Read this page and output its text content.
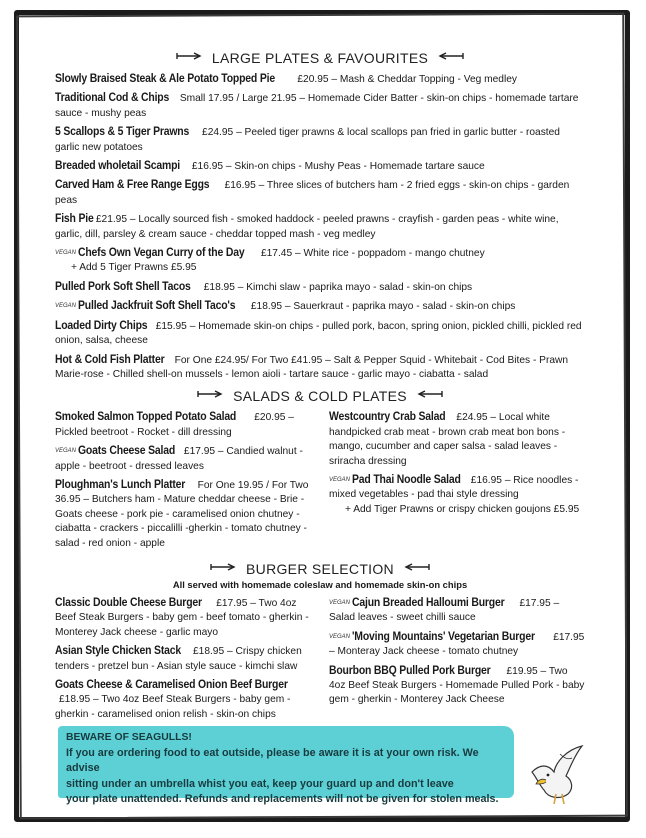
LARGE PLATES & FAVOURITES
Slowly Braised Steak & Ale Potato Topped Pie £20.95 – Mash & Cheddar Topping - Veg medley
Traditional Cod & Chips Small 17.95 / Large 21.95 – Homemade Cider Batter - skin-on chips - homemade tartare sauce - mushy peas
5 Scallops & 5 Tiger Prawns £24.95 – Peeled tiger prawns & local scallops pan fried in garlic butter - roasted garlic new potatoes
Breaded wholetail Scampi £16.95 – Skin-on chips - Mushy Peas - Homemade tartare sauce
Carved Ham & Free Range Eggs £16.95 – Three slices of butchers ham - 2 fried eggs - skin-on chips - garden peas
Fish Pie £21.95 – Locally sourced fish - smoked haddock - peeled prawns - crayfish - garden peas - white wine, garlic, dill, parsley & cream sauce - cheddar topped mash - veg medley
VEGAN Chefs Own Vegan Curry of the Day £17.45 – White rice - poppadom - mango chutney
+ Add 5 Tiger Prawns £5.95
Pulled Pork Soft Shell Tacos £18.95 – Kimchi slaw - paprika mayo - salad - skin-on chips
VEGAN Pulled Jackfruit Soft Shell Taco's £18.95 – Sauerkraut - paprika mayo - salad - skin-on chips
Loaded Dirty Chips £15.95 – Homemade skin-on chips - pulled pork, bacon, spring onion, pickled chilli, pickled red onion, salsa, cheese
Hot & Cold Fish Platter For One £24.95/ For Two £41.95 – Salt & Pepper Squid - Whitebait - Cod Bites - Prawn Marie-rose - Chilled shell-on mussels - lemon aioli - tartare sauce - garlic mayo - ciabatta - salad
SALADS & COLD PLATES
Smoked Salmon Topped Potato Salad £20.95 – Pickled beetroot - Rocket - dill dressing
VEGAN Goats Cheese Salad £17.95 – Candied walnut - apple - beetroot - dressed leaves
Ploughman's Lunch Platter For One 19.95 / For Two 36.95 – Butchers ham - Mature cheddar cheese - Brie - Goats cheese - pork pie - caramelised onion chutney - ciabatta - crackers - piccalilli -gherkin - tomato chutney - salad - red onion - apple
Westcountry Crab Salad £24.95 – Local white handpicked crab meat - brown crab meat bon bons - mango, cucumber and caper salsa - salad leaves - sriracha dressing
VEGAN Pad Thai Noodle Salad £16.95 – Rice noodles - mixed vegetables - pad thai style dressing
+ Add Tiger Prawns or crispy chicken goujons £5.95
BURGER SELECTION
All served with homemade coleslaw and homemade skin-on chips
Classic Double Cheese Burger £17.95 – Two 4oz Beef Steak Burgers - baby gem - beef tomato - gherkin - Monterey Jack cheese - garlic mayo
Asian Style Chicken Stack £18.95 – Crispy chicken tenders - pretzel bun - Asian style sauce - kimchi slaw
Goats Cheese & Caramelised Onion Beef Burger£18.95 – Two 4oz Beef Steak Burgers - baby gem - gherkin - caramelised onion relish - skin-on chips
VEGAN Cajun Breaded Halloumi Burger £17.95 – Salad leaves - sweet chilli sauce
VEGAN 'Moving Mountains' Vegetarian Burger £17.95 – Monteray Jack cheese - tomato chutney
Bourbon BBQ Pulled Pork Burger £19.95 – Two 4oz Beef Steak Burgers - Homemade Pulled Pork - baby gem - gherkin - Monterey Jack Cheese
BEWARE OF SEAGULLS!
If you are ordering food to eat outside, please be aware it is at your own risk. We advise
sitting under an umbrella whist you eat, keep your guard up and don't leave
your plate unattended. Refunds and replacements will not be given for stolen meals.
